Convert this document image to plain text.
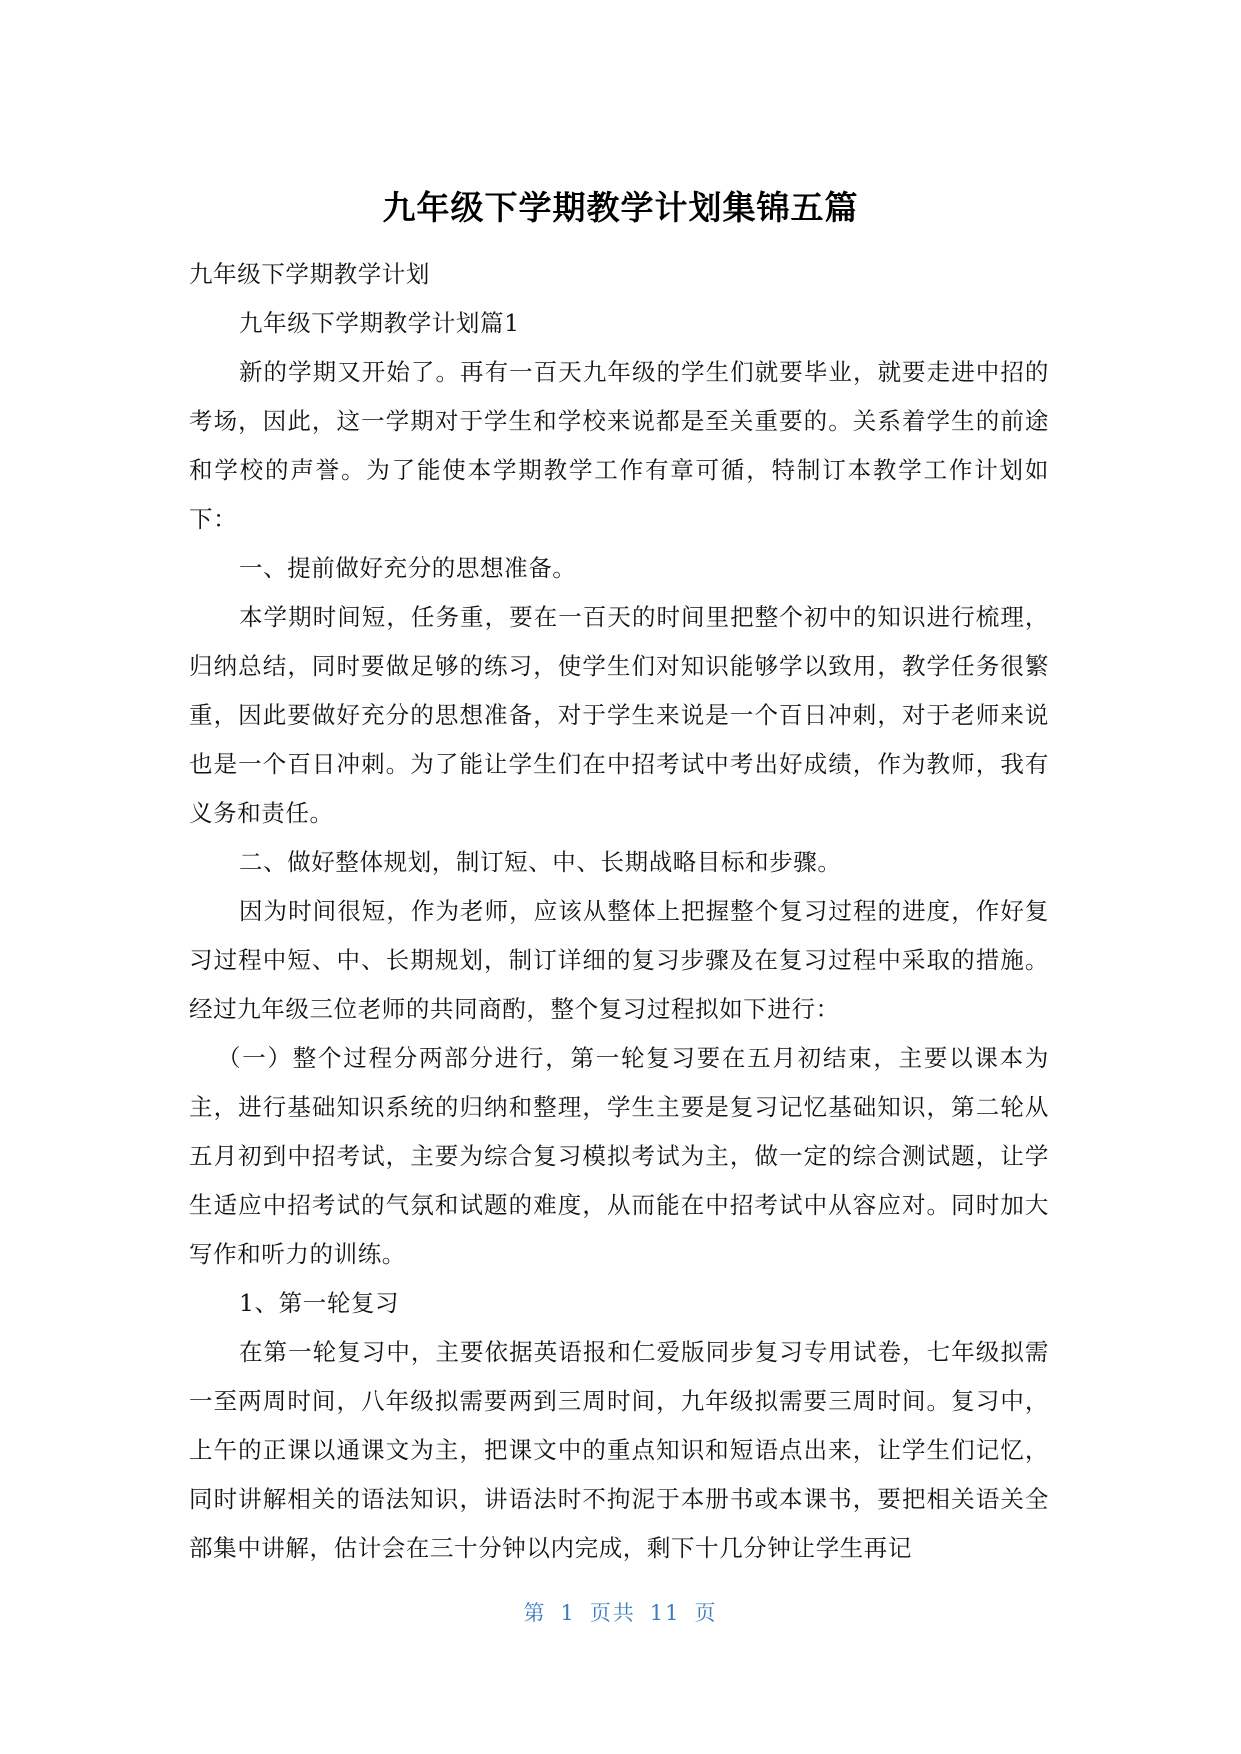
九年级下学期教学计划集锦五篇

九年级下学期教学计划

九年级下学期教学计划篇1

新的学期又开始了。再有一百天九年级的学生们就要毕业，就要走进中招的考场，因此，这一学期对于学生和学校来说都是至关重要的。关系着学生的前途和学校的声誉。为了能使本学期教学工作有章可循，特制订本教学工作计划如下：

一、提前做好充分的思想准备。

本学期时间短，任务重，要在一百天的时间里把整个初中的知识进行梳理，归纳总结，同时要做足够的练习，使学生们对知识能够学以致用，教学任务很繁重，因此要做好充分的思想准备，对于学生来说是一个百日冲刺，对于老师来说也是一个百日冲刺。为了能让学生们在中招考试中考出好成绩，作为教师，我有义务和责任。

二、做好整体规划，制订短、中、长期战略目标和步骤。

因为时间很短，作为老师，应该从整体上把握整个复习过程的进度，作好复习过程中短、中、长期规划，制订详细的复习步骤及在复习过程中采取的措施。经过九年级三位老师的共同商酌，整个复习过程拟如下进行：

（一）整个过程分两部分进行，第一轮复习要在五月初结束，主要以课本为主，进行基础知识系统的归纳和整理，学生主要是复习记忆基础知识，第二轮从五月初到中招考试，主要为综合复习模拟考试为主，做一定的综合测试题，让学生适应中招考试的气氛和试题的难度，从而能在中招考试中从容应对。同时加大写作和听力的训练。

1、第一轮复习

在第一轮复习中，主要依据英语报和仁爱版同步复习专用试卷，七年级拟需一至两周时间，八年级拟需要两到三周时间，九年级拟需要三周时间。复习中，上午的正课以通课文为主，把课文中的重点知识和短语点出来，让学生们记忆，同时讲解相关的语法知识，讲语法时不拘泥于本册书或本课书，要把相关语关全部集中讲解，估计会在三十分钟以内完成，剩下十几分钟让学生再记

第 1 页共 11 页
